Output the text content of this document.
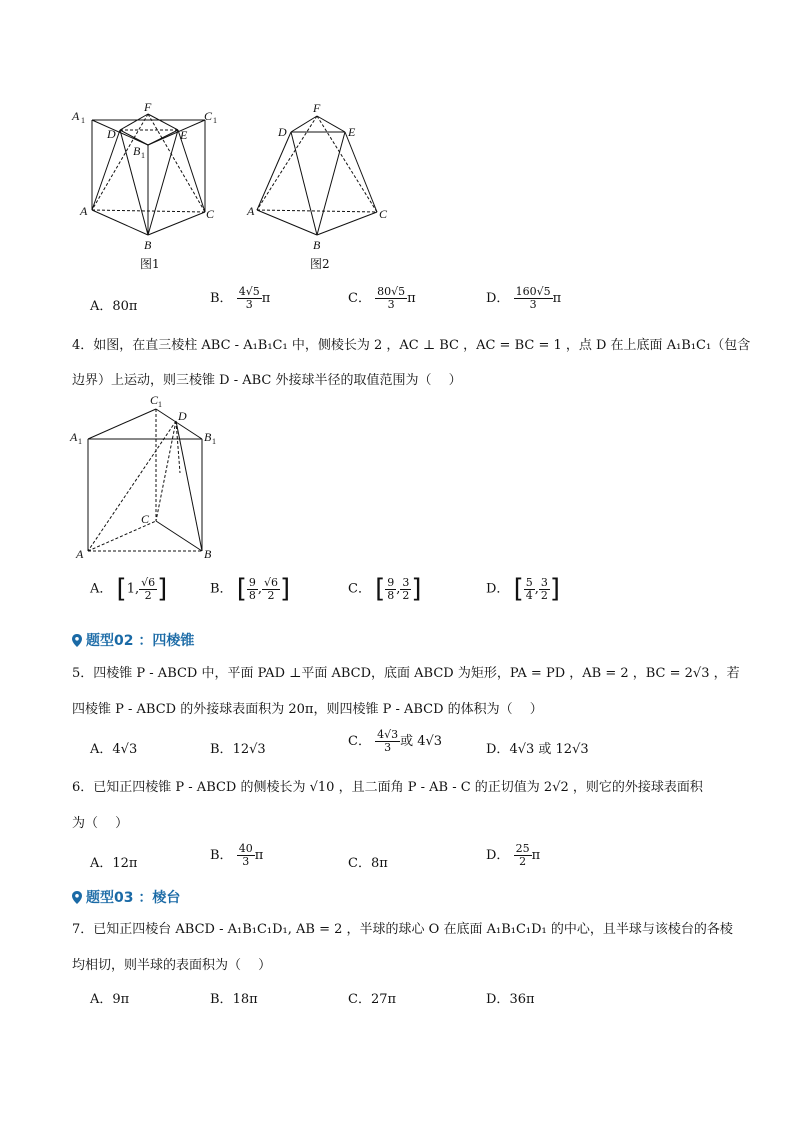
A 1
F
C 1
D	E
B 1
A	C
B
图1
F
D	E
A	C
B
图2
A．80π
B． $\frac{4√5}{3}$ π	C． $\frac{80√5}{3}$ π	D． $\frac{160√5}{3}$ π
4．如图，在直三棱柱 ABC - A₁B₁C₁ 中，侧棱长为 2 ，AC ⊥ BC ，AC = BC = 1 ，点 D 在上底面 A₁B₁C₁（包含
边界）上运动，则三棱锥 D - ABC 外接球半径的取值范围为（　 ）
C 1
D
A 1	B 1
C
A	B
A． [1, $\frac{√6}{2}$ ]	B． [ $\frac{9}{8}$ , $\frac{√6}{2}$ ]	C． [ $\frac{9}{8}$ , $\frac{3}{2}$ ]	D． [ $\frac{5}{4}$ , $\frac{3}{2}$ ]
题型02 ：四棱锥
5．四棱锥 P - ABCD 中，平面 PAD ⊥平面 ABCD，底面 ABCD 为矩形，PA = PD ，AB = 2 ，BC = 2√3 ，若
四棱锥 P - ABCD 的外接球表面积为 20π，则四棱锥 P - ABCD 的体积为（　 ）
A．4√3	B．12√3
C． $\frac{4√3}{3}$ 或 4√3
D．4√3 或 12√3
6．已知正四棱锥 P - ABCD 的侧棱长为 √10 ，且二面角 P - AB - C 的正切值为 2√2 ，则它的外接球表面积
为（　 ）
A．12π
B． $\frac{40}{3}$ π
C．8π
D． $\frac{25}{2}$ π
题型03 ：棱台
7．已知正四棱台 ABCD - A₁B₁C₁D₁, AB = 2 ，半球的球心 O 在底面 A₁B₁C₁D₁ 的中心，且半球与该棱台的各棱
均相切，则半球的表面积为（　 ）
A．9π	B．18π	C．27π	D．36π
